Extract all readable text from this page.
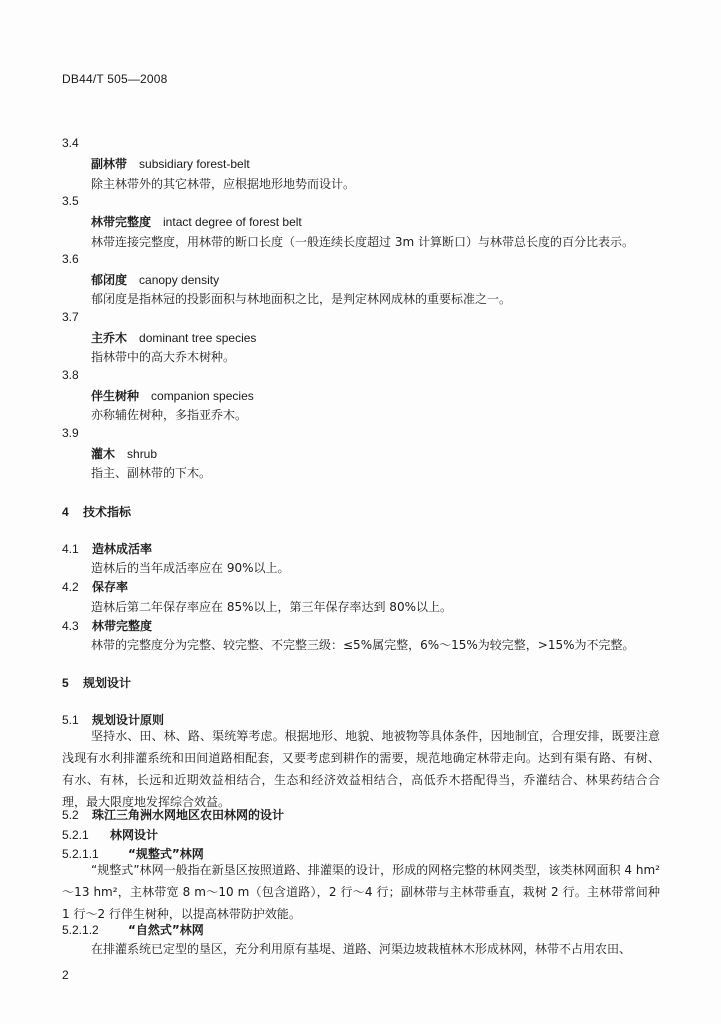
DB44/T 505—2008
3.4
副林带 subsidiary forest-belt
除主林带外的其它林带，应根据地形地势而设计。
3.5
林带完整度 intact degree of forest belt
林带连接完整度，用林带的断口长度（一般连续长度超过 3m 计算断口）与林带总长度的百分比表示。
3.6
郁闭度 canopy density
郁闭度是指林冠的投影面积与林地面积之比，是判定林网成林的重要标准之一。
3.7
主乔木 dominant tree species
指林带中的高大乔木树种。
3.8
伴生树种 companion species
亦称辅佐树种，多指亚乔木。
3.9
灌木 shrub
指主、副林带的下木。
4 技术指标
4.1 造林成活率
造林后的当年成活率应在 90%以上。
4.2 保存率
造林后第二年保存率应在 85%以上，第三年保存率达到 80%以上。
4.3 林带完整度
林带的完整度分为完整、较完整、不完整三级：≤5%属完整，6%～15%为较完整，>15%为不完整。
5 规划设计
5.1 规划设计原则
坚持水、田、林、路、渠统筹考虑。根据地形、地貌、地被物等具体条件，因地制宜，合理安排，既要注意浅现有水利排灌系统和田间道路相配套，又要考虑到耕作的需要，规范地确定林带走向。达到有渠有路、有树、有水、有林，长远和近期效益相结合，生态和经济效益相结合，高低乔木搭配得当，乔灌结合、林果药结合合理，最大限度地发挥综合效益。
5.2 珠江三角洲水网地区农田林网的设计
5.2.1 林网设计
5.2.1.1 “规整式”林网
“规整式”林网一般指在新垦区按照道路、排灌渠的设计，形成的网格完整的林网类型，该类林网面积 4 hm²～13 hm²，主林带宽 8 m～10 m（包含道路），2 行～4 行；副林带与主林带垂直，栽树 2 行。主林带常间种 1 行～2 行伴生树种，以提高林带防护效能。
5.2.1.2 “自然式”林网
在排灌系统已定型的垦区，充分利用原有基堤、道路、河渠边坡栽植林木形成林网，林带不占用农田、
2
